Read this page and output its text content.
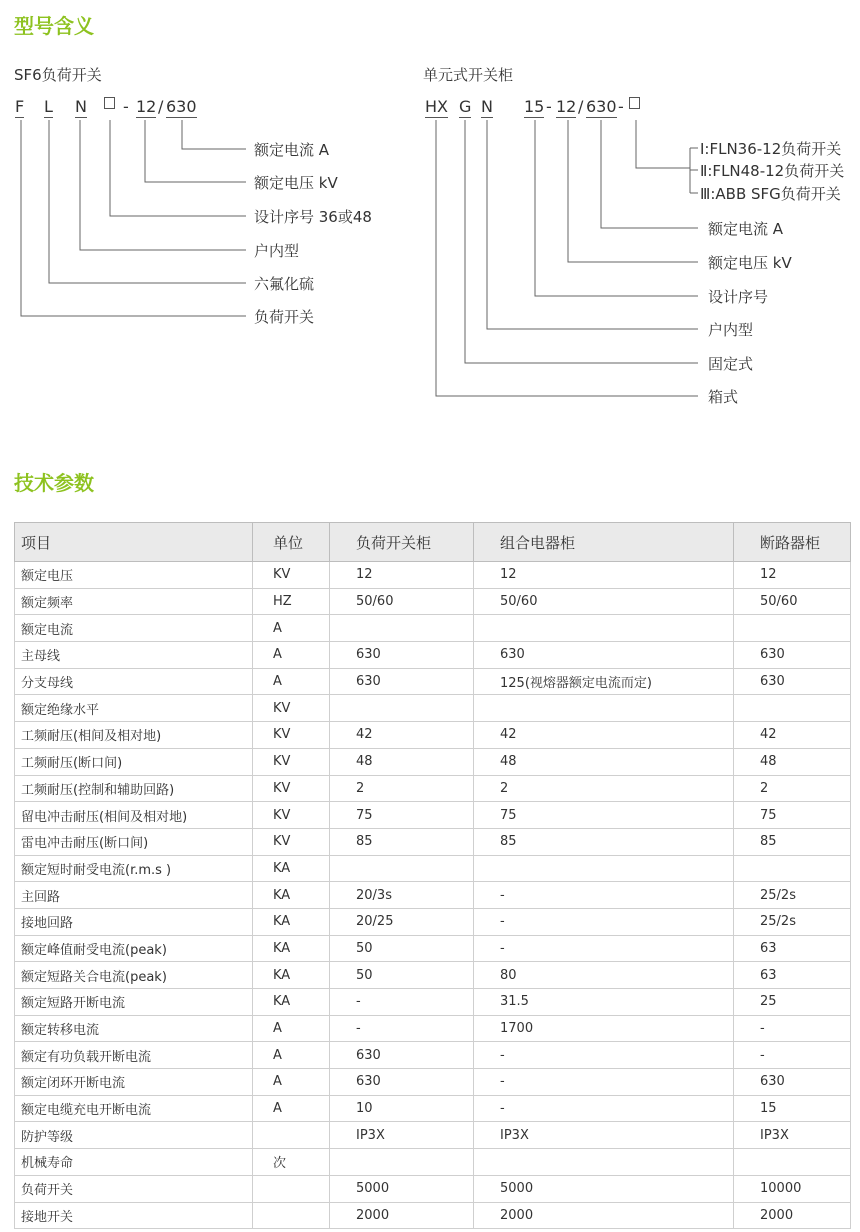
型号含义
SF6负荷开关
F L N - 12 / 630
单元式开关柜
HX G N 15 - 12 / 630 -
额定电流 A
额定电压 kV
设计序号 36或48
户内型
六氟化硫
负荷开关
I:FLN36-12负荷开关
Ⅱ:FLN48-12负荷开关
Ⅲ:ABB SFG负荷开关
额定电流 A
额定电压 kV
设计序号
户内型
固定式
箱式
技术参数
项目	单位	负荷开关柜	组合电器柜	断路器柜
额定电压	KV	12	12	12
额定频率	HZ	50/60	50/60	50/60
额定电流	A			
主母线	A	630	630	630
分支母线	A	630	125(视熔器额定电流而定)	630
额定绝缘水平	KV			
工频耐压(相间及相对地)	KV	42	42	42
工频耐压(断口间)	KV	48	48	48
工频耐压(控制和辅助回路)	KV	2	2	2
留电冲击耐压(相间及相对地)	KV	75	75	75
雷电冲击耐压(断口间)	KV	85	85	85
额定短时耐受电流(r.m.s )	KA			
主回路	KA	20/3s	-	25/2s
接地回路	KA	20/25	-	25/2s
额定峰值耐受电流(peak)	KA	50	-	63
额定短路关合电流(peak)	KA	50	80	63
额定短路开断电流	KA	-	31.5	25
额定转移电流	A	-	1700	-
额定有功负载开断电流	A	630	-	-
额定闭环开断电流	A	630	-	630
额定电缆充电开断电流	A	10	-	15
防护等级		IP3X	IP3X	IP3X
机械寿命	次			
负荷开关		5000	5000	10000
接地开关		2000	2000	2000
